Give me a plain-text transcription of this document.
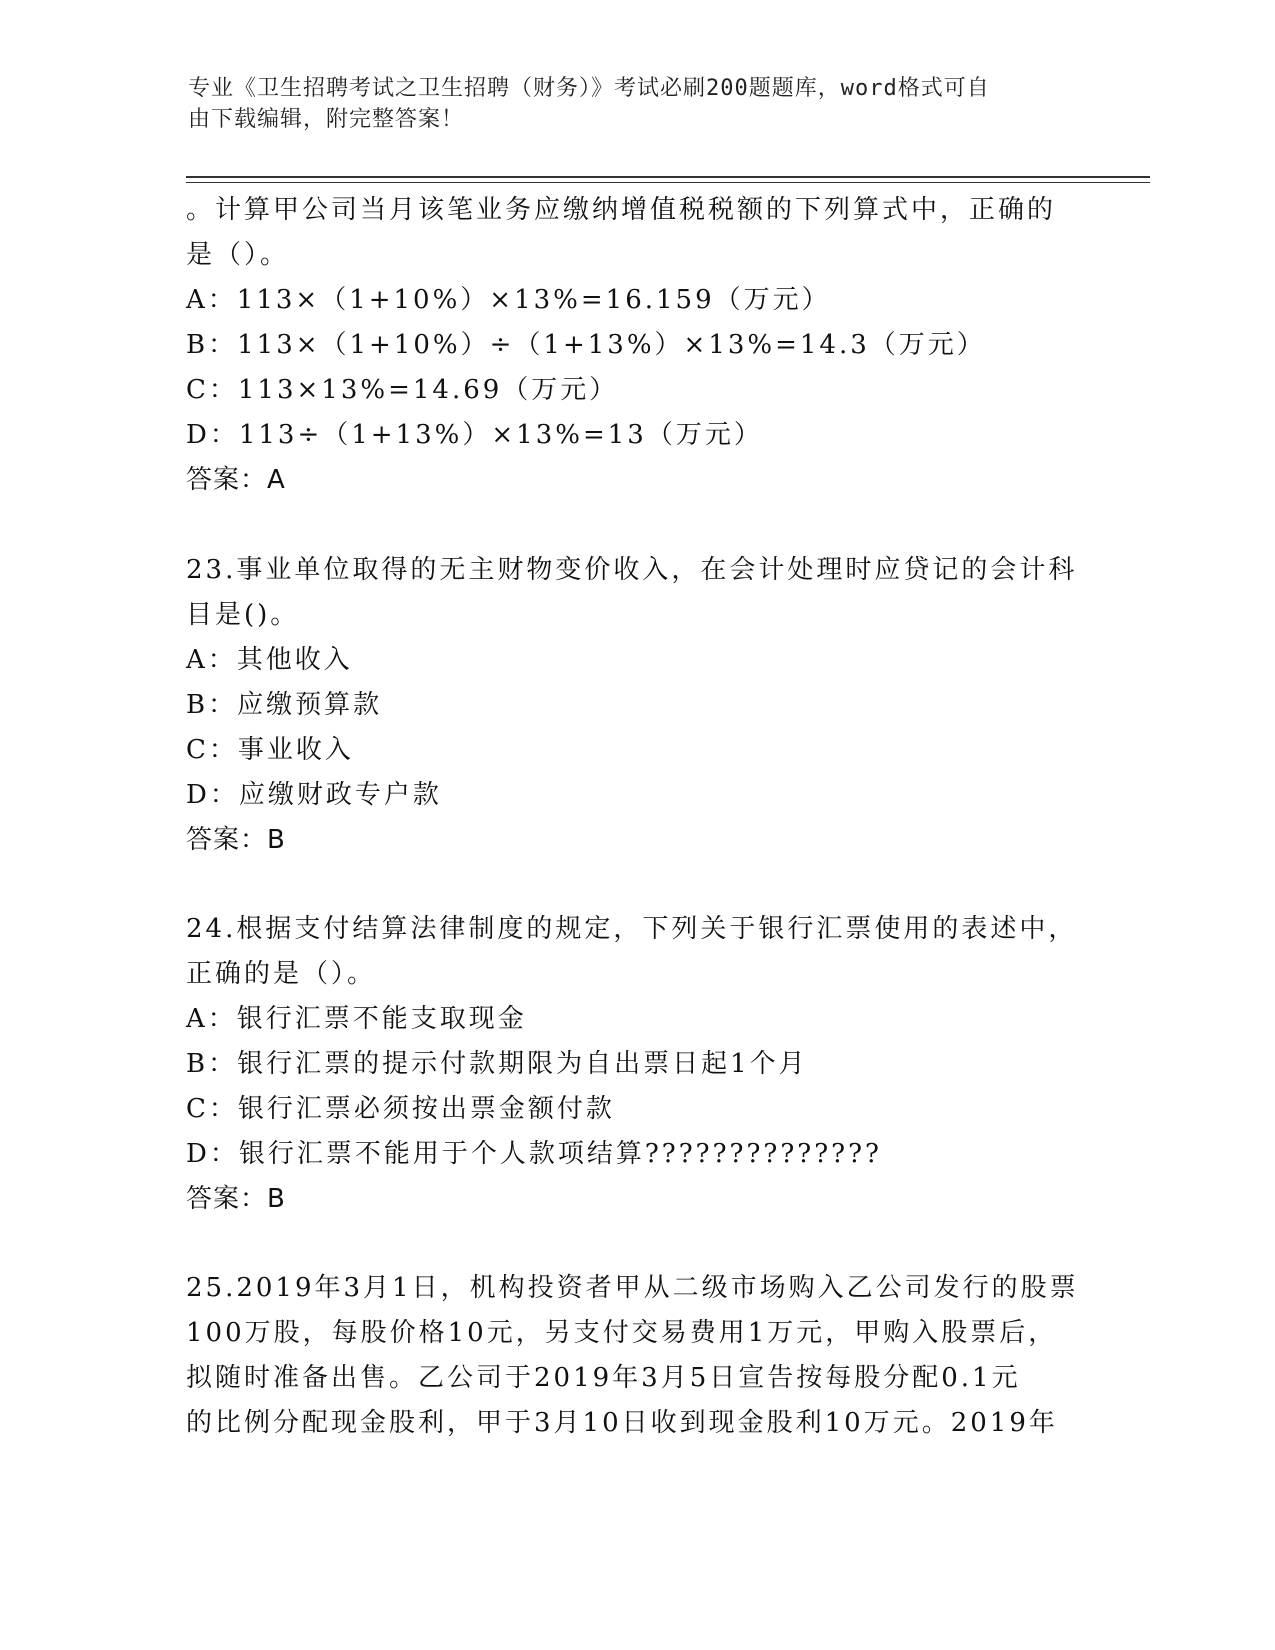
专业《卫生招聘考试之卫生招聘（财务）》考试必刷200题题库，word格式可自
由下载编辑，附完整答案！
。计算甲公司当月该笔业务应缴纳增值税税额的下列算式中，正确的
是（）。
A：113×（1+10%）×13%=16.159（万元）
B：113×（1+10%）÷（1+13%）×13%=14.3（万元）
C：113×13%=14.69（万元）
D：113÷（1+13%）×13%=13（万元）
答案：A
23.事业单位取得的无主财物变价收入，在会计处理时应贷记的会计科
目是()。
A：其他收入
B：应缴预算款
C：事业收入
D：应缴财政专户款
答案：B
24.根据支付结算法律制度的规定，下列关于银行汇票使用的表述中，
正确的是（）。
A：银行汇票不能支取现金
B：银行汇票的提示付款期限为自出票日起1个月
C：银行汇票必须按出票金额付款
D：银行汇票不能用于个人款项结算??????????????
答案：B
25.2019年3月1日，机构投资者甲从二级市场购入乙公司发行的股票
100万股，每股价格10元，另支付交易费用1万元，甲购入股票后，
拟随时准备出售。乙公司于2019年3月5日宣告按每股分配0.1元
的比例分配现金股利，甲于3月10日收到现金股利10万元。2019年
